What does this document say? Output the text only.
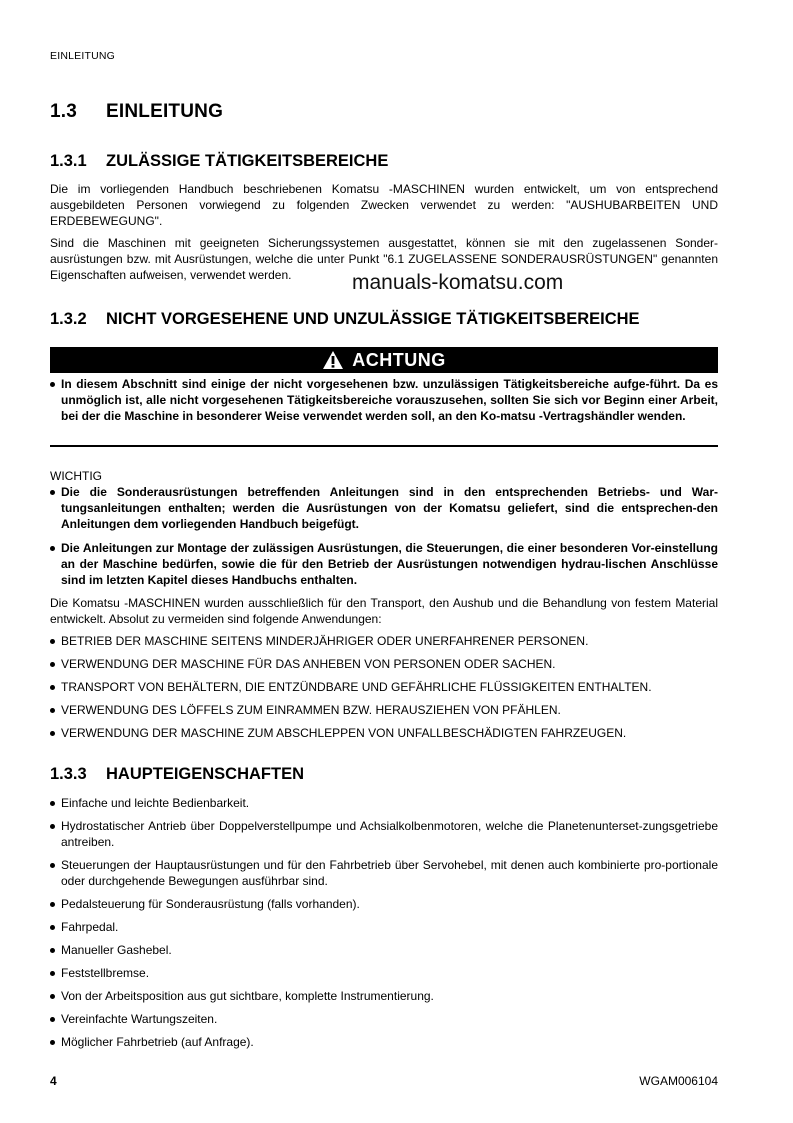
EINLEITUNG
1.3 EINLEITUNG
1.3.1 ZULÄSSIGE TÄTIGKEITSBEREICHE

Die im vorliegenden Handbuch beschriebenen Komatsu -MASCHINEN wurden entwickelt, um von entsprechend ausgebildeten Personen vorwiegend zu folgenden Zwecken verwendet zu werden: "AUSHUBARBEITEN UND ERDEBEWEGUNG".

Sind die Maschinen mit geeigneten Sicherungssystemen ausgestattet, können sie mit den zugelassenen Sonder-ausrüstungen bzw. mit Ausrüstungen, welche die unter Punkt "6.1 ZUGELASSENE SONDERAUSRÜSTUNGEN" genannten Eigenschaften aufweisen, verwendet werden.	manuals-komatsu.com
1.3.2 NICHT VORGESEHENE UND UNZULÄSSIGE TÄTIGKEITSBEREICHE
ACHTUNG
In diesem Abschnitt sind einige der nicht vorgesehenen bzw. unzulässigen Tätigkeitsbereiche aufge-führt. Da es unmöglich ist, alle nicht vorgesehenen Tätigkeitsbereiche vorauszusehen, sollten Sie sich vor Beginn einer Arbeit, bei der die Maschine in besonderer Weise verwendet werden soll, an den Ko-matsu -Vertragshändler wenden.
WICHTIG
Die die Sonderausrüstungen betreffenden Anleitungen sind in den entsprechenden Betriebs- und War-tungsanleitungen enthalten; werden die Ausrüstungen von der Komatsu geliefert, sind die entsprechen-den Anleitungen dem vorliegenden Handbuch beigefügt.
Die Anleitungen zur Montage der zulässigen Ausrüstungen, die Steuerungen, die einer besonderen Vor-einstellung an der Maschine bedürfen, sowie die für den Betrieb der Ausrüstungen notwendigen hydrau-lischen Anschlüsse sind im letzten Kapitel dieses Handbuchs enthalten.

Die Komatsu -MASCHINEN wurden ausschließlich für den Transport, den Aushub und die Behandlung von festem Material entwickelt. Absolut zu vermeiden sind folgende Anwendungen:

BETRIEB DER MASCHINE SEITENS MINDERJÄHRIGER ODER UNERFAHRENER PERSONEN.
VERWENDUNG DER MASCHINE FÜR DAS ANHEBEN VON PERSONEN ODER SACHEN.
TRANSPORT VON BEHÄLTERN, DIE ENTZÜNDBARE UND GEFÄHRLICHE FLÜSSIGKEITEN ENTHALTEN.
VERWENDUNG DES LÖFFELS ZUM EINRAMMEN BZW. HERAUSZIEHEN VON PFÄHLEN.
VERWENDUNG DER MASCHINE ZUM ABSCHLEPPEN VON UNFALLBESCHÄDIGTEN FAHRZEUGEN.
1.3.3 HAUPTEIGENSCHAFTEN
Einfache und leichte Bedienbarkeit.
Hydrostatischer Antrieb über Doppelverstellpumpe und Achsialkolbenmotoren, welche die Planetenunterset-zungsgetriebe antreiben.
Steuerungen der Hauptausrüstungen und für den Fahrbetrieb über Servohebel, mit denen auch kombinierte pro-portionale oder durchgehende Bewegungen ausführbar sind.
Pedalsteuerung für Sonderausrüstung (falls vorhanden).
Fahrpedal.
Manueller Gashebel.
Feststellbremse.
Von der Arbeitsposition aus gut sichtbare, komplette Instrumentierung.
Vereinfachte Wartungszeiten.
Möglicher Fahrbetrieb (auf Anfrage).
4	WGAM006104
